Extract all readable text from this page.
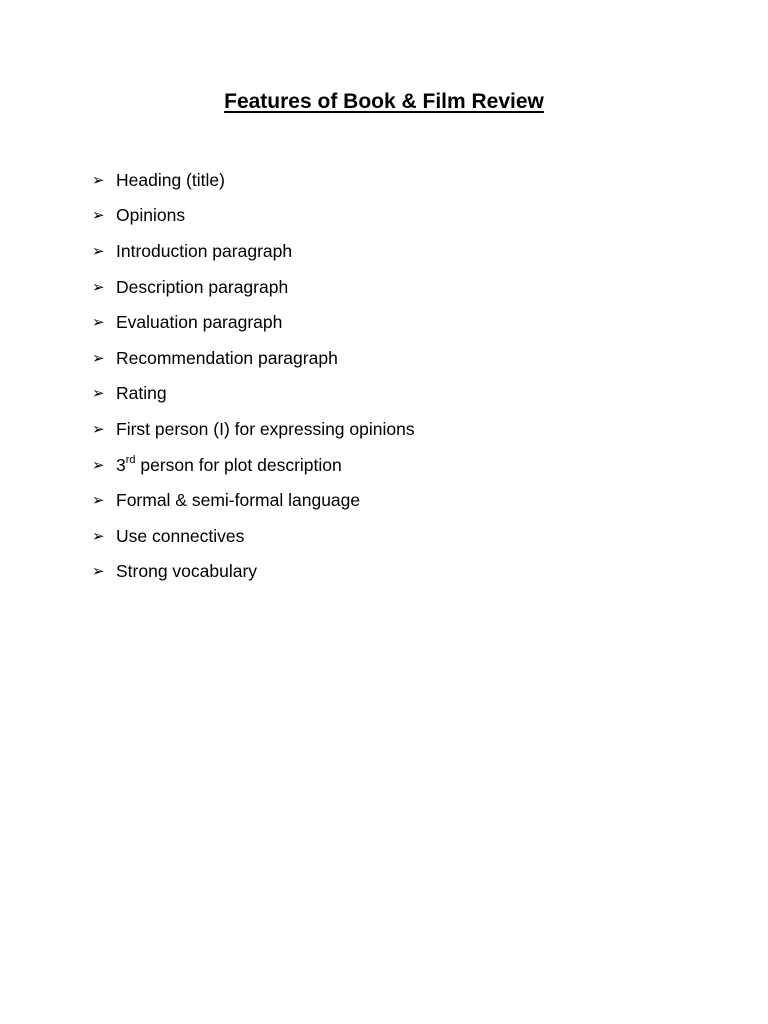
Features of Book & Film Review
➢ Heading (title)
➢ Opinions
➢ Introduction paragraph
➢ Description paragraph
➢ Evaluation paragraph
➢ Recommendation paragraph
➢ Rating
➢ First person (I) for expressing opinions
➢ 3rd person for plot description
➢ Formal & semi-formal language
➢ Use connectives
➢ Strong vocabulary
